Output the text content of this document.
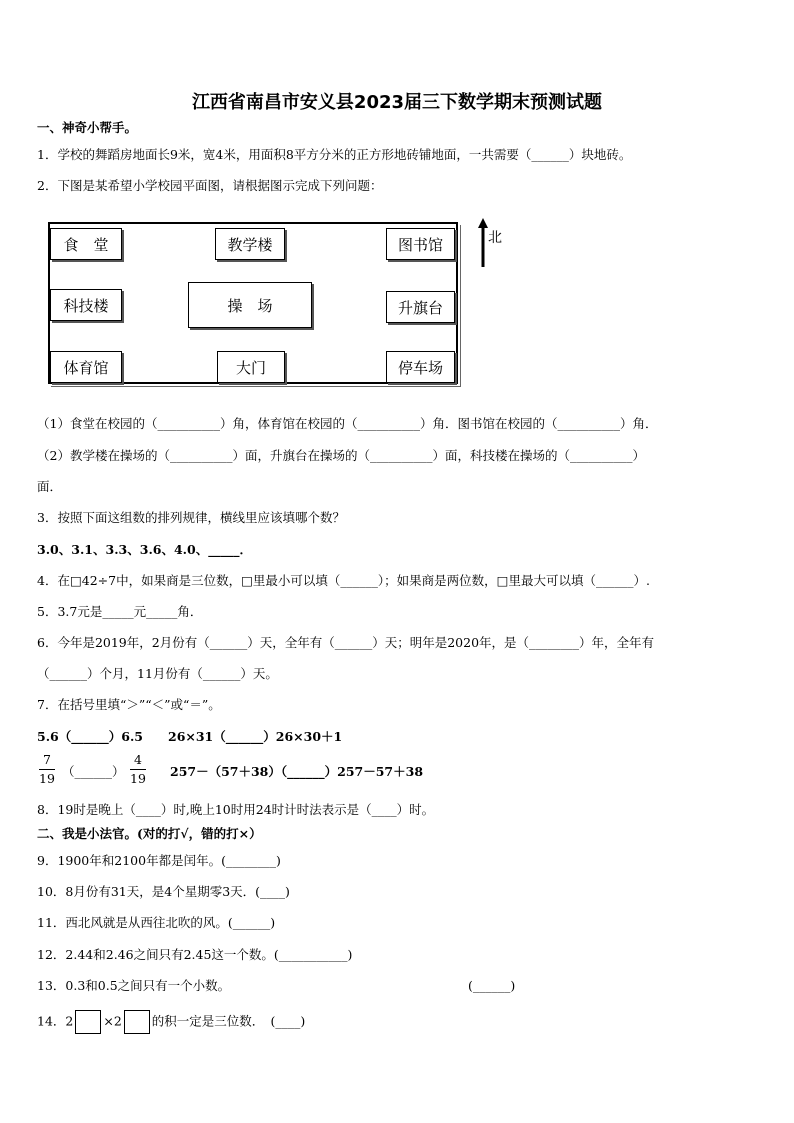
江西省南昌市安义县2023届三下数学期末预测试题
一、神奇小帮手。
1．学校的舞蹈房地面长9米，宽4米，用面积8平方分米的正方形地砖铺地面，一共需要（______）块地砖。
2．下图是某希望小学校园平面图，请根据图示完成下列问题：
食　堂	教学楼	图书馆
科技楼	操　场	升旗台
体育馆	大门	停车场
北
（1）食堂在校园的（__________）角，体育馆在校园的（__________）角．图书馆在校园的（__________）角．
（2）教学楼在操场的（__________）面，升旗台在操场的（__________）面，科技楼在操场的（__________）
面．
3．按照下面这组数的排列规律，横线里应该填哪个数？
3.0、3.1、3.3、3.6、4.0、_____．
4．在□42÷7中，如果商是三位数，□里最小可以填（______）；如果商是两位数，□里最大可以填（______）.
5．3.7元是_____元_____角．
6．今年是2019年，2月份有（______）天，全年有（______）天；明年是2020年，是（________）年，全年有
（______）个月，11月份有（______）天。
7．在括号里填“＞”“＜”或“＝”。
5.6（______）6.5　　26×31（______）26×30＋1
7
19 （______）
4
19 257－（57＋38）（______）257－57＋38
8．19时是晚上（____）时,晚上10时用24时计时法表示是（____）时。
二、我是小法官。(对的打√，错的打×）
9．1900年和2100年都是闰年。(________)
10．8月份有31天，是4个星期零3天．(____)
11．西北风就是从西往北吹的风。(______)
12．2.44和2.46之间只有2.45这一个数。(___________)
13．0.3和0.5之间只有一个小数。	(______)
14．2 ×2 的积一定是三位数．　(____)
